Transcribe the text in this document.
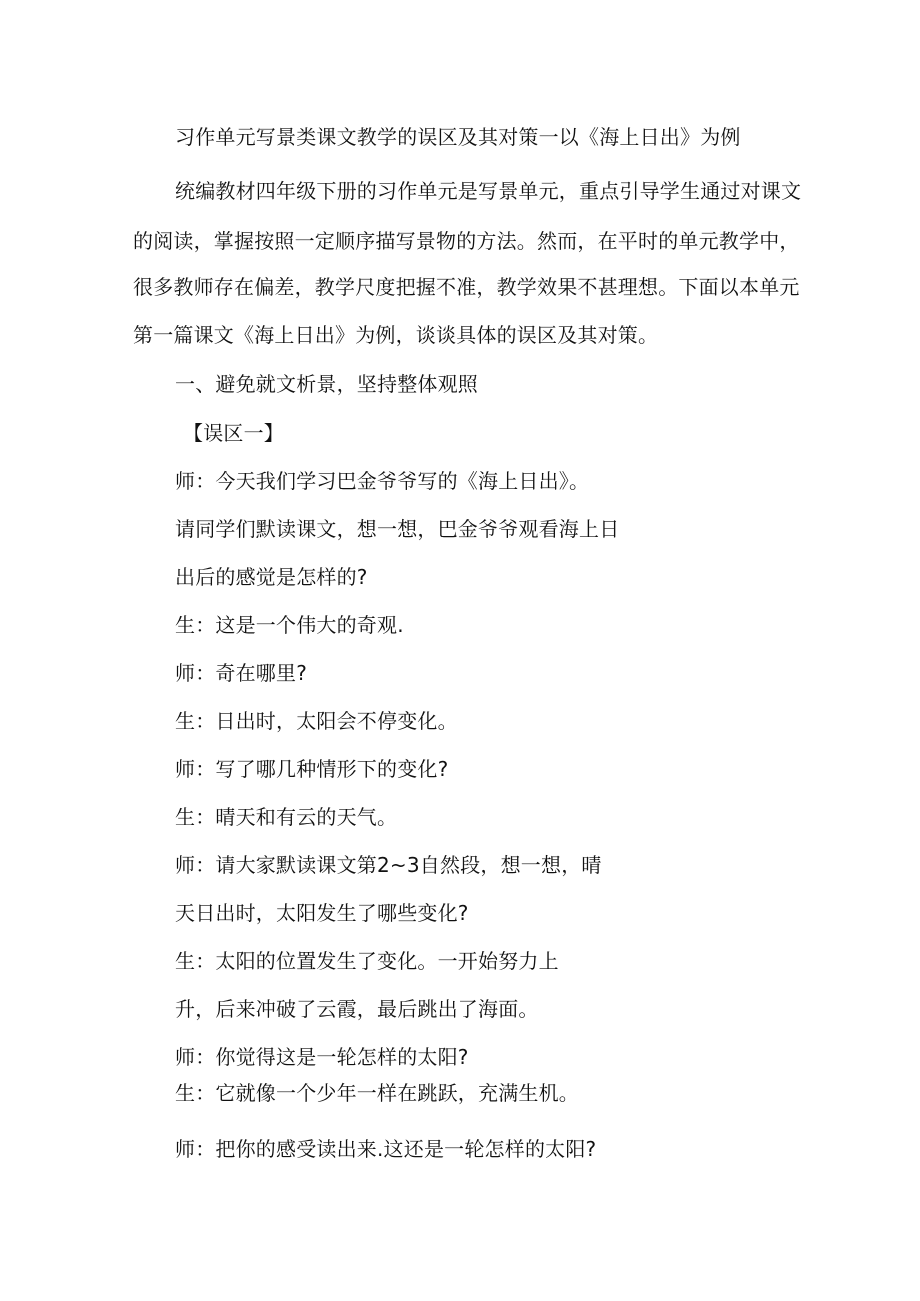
习作单元写景类课文教学的误区及其对策一以《海上日出》为例
统编教材四年级下册的习作单元是写景单元，重点引导学生通过对课文
的阅读，掌握按照一定顺序描写景物的方法。然而，在平时的单元教学中，
很多教师存在偏差，教学尺度把握不准，教学效果不甚理想。下面以本单元
第一篇课文《海上日出》为例，谈谈具体的误区及其对策。
一、避免就文析景，坚持整体观照
【误区一】
师：今天我们学习巴金爷爷写的《海上日出》。
请同学们默读课文，想一想，巴金爷爷观看海上日
出后的感觉是怎样的?
生：这是一个伟大的奇观.
师：奇在哪里?
生：日出时，太阳会不停变化。
师：写了哪几种情形下的变化?
生：晴天和有云的天气。
师：请大家默读课文第2~3自然段，想一想，晴
天日出时，太阳发生了哪些变化?
生：太阳的位置发生了变化。一开始努力上
升，后来冲破了云霞，最后跳出了海面。
师：你觉得这是一轮怎样的太阳?
生：它就像一个少年一样在跳跃，充满生机。
师：把你的感受读出来.这还是一轮怎样的太阳?
